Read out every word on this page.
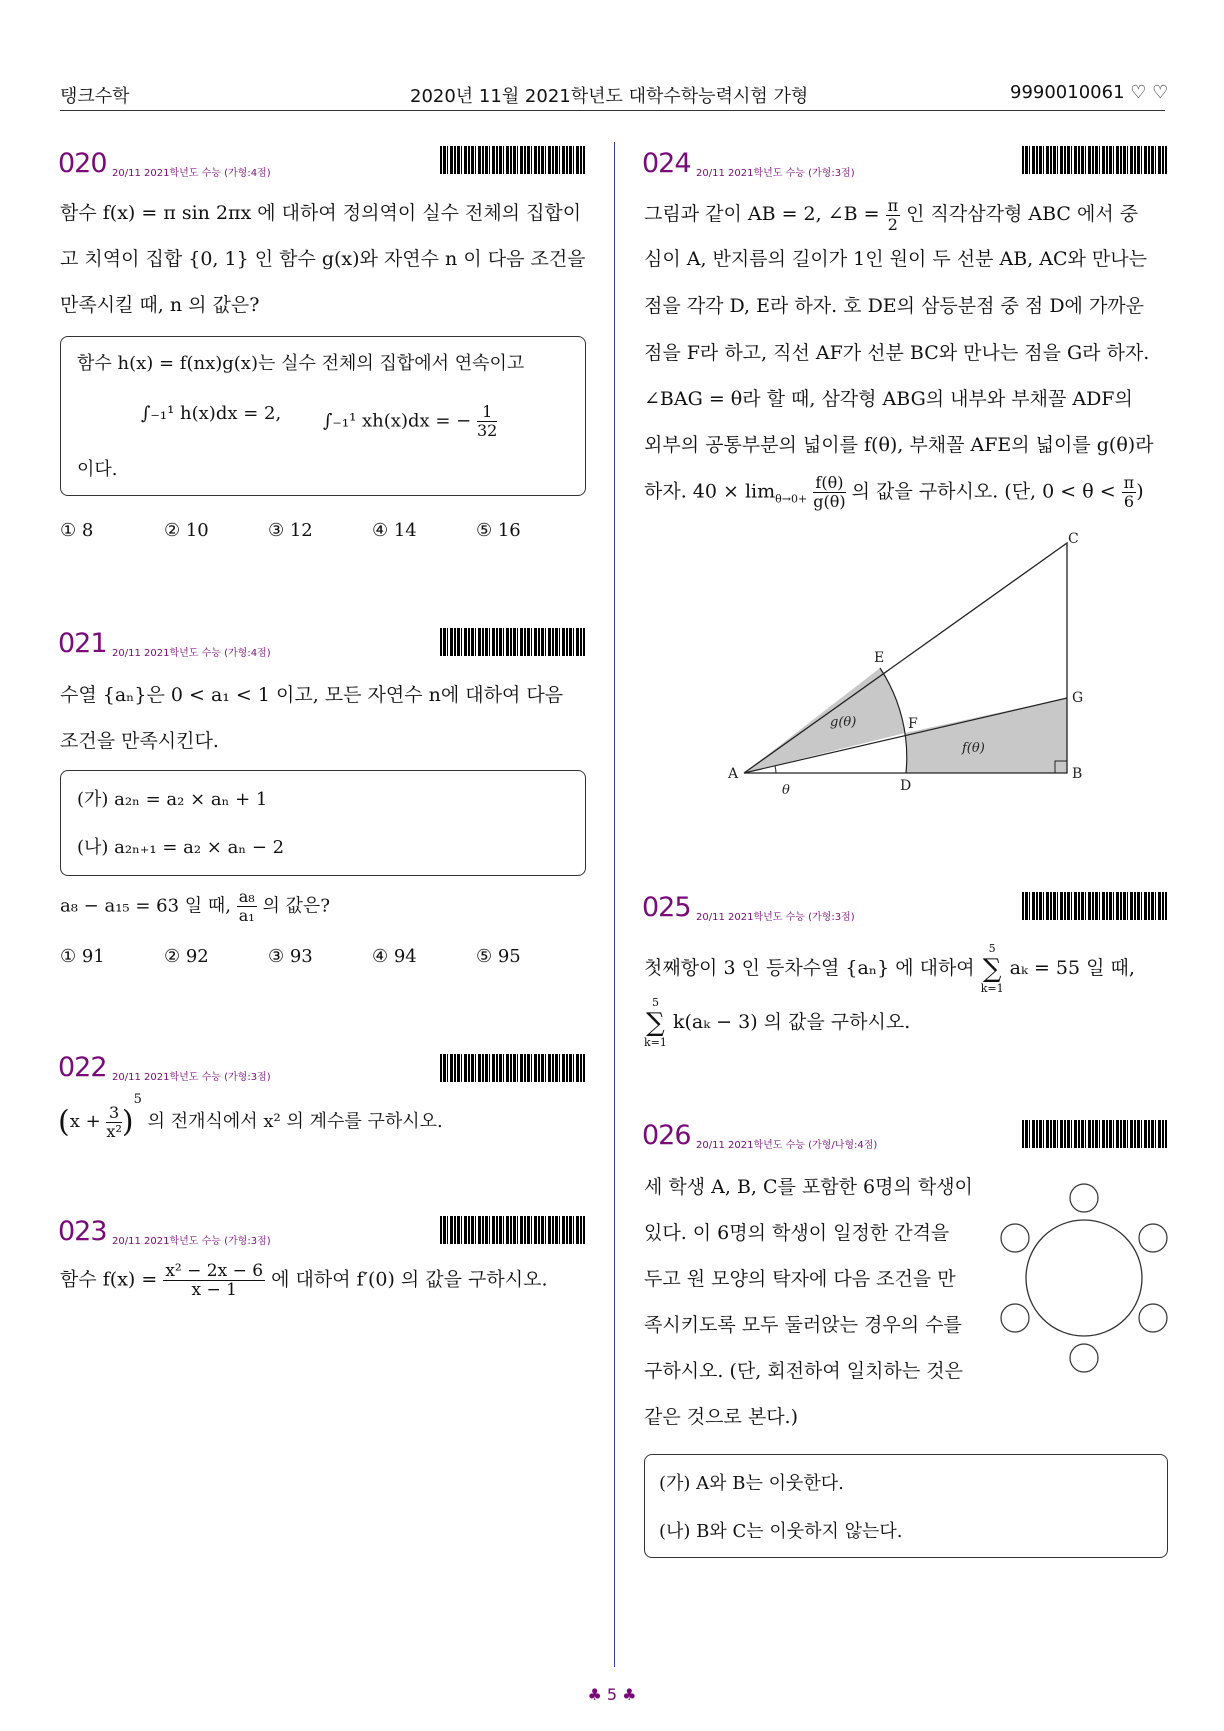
탱크수학	2020년 11월 2021학년도 대학수학능력시험 가형	9990010061 ♡ ♡
020 20/11 2021학년도 수능 (가형:4점)
함수 f(x) = π sin 2πx 에 대하여 정의역이 실수 전체의 집합이
고 치역이 집합 {0, 1} 인 함수 g(x)와 자연수 n 이 다음 조건을
만족시킬 때, n 의 값은?
함수 h(x) = f(nx)g(x)는 실수 전체의 집합에서 연속이고
∫₋₁¹ h(x)dx = 2, ∫₋₁¹ xh(x)dx = − $\frac{1}{32}$
이다.
① 8	② 10	③ 12	④ 14	⑤ 16
021 20/11 2021학년도 수능 (가형:4점)
수열 {aₙ}은 0 < a₁ < 1 이고, 모든 자연수 n에 대하여 다음
조건을 만족시킨다.
(가) a₂ₙ = a₂ × aₙ + 1
(나) a₂ₙ₊₁ = a₂ × aₙ − 2
a₈ − a₁₅ = 63 일 때, $\frac{\text{a₈}}{\text{a₁}}$ 의 값은?
① 91	② 92	③ 93	④ 94	⑤ 95
022 20/11 2021학년도 수능 (가형:3점)
$(x + \frac{3}{\text{x²}} )^5$ 의 전개식에서 x² 의 계수를 구하시오.
023 20/11 2021학년도 수능 (가형:3점)
함수 $f(x) = \frac{\text{x² − 2x − 6}}{x - 1}$ 에 대하여 f′(0) 의 값을 구하시오.
024 20/11 2021학년도 수능 (가형:3점)
그림과 같이 AB = 2, ∠B = $\frac{\pi}{2}$ 인 직각삼각형 ABC 에서 중
심이 A, 반지름의 길이가 1인 원이 두 선분 AB, AC와 만나는
점을 각각 D, E라 하자. 호 DE의 삼등분점 중 점 D에 가까운
점을 F라 하고, 직선 AF가 선분 BC와 만나는 점을 G라 하자.
∠BAG = θ라 할 때, 삼각형 ABG의 내부와 부채꼴 ADF의
외부의 공통부분의 넓이를 f(θ), 부채꼴 AFE의 넓이를 g(θ)라
하자. $40 \times \lim_{\theta\to 0+} \frac{f(\theta)}{g(\theta)}$ 의 값을 구하시오. (단, $0 < \theta < \frac{\pi}{6}$ )
A	B
C
D
E
F
G
g(θ)
f(θ)
θ
025 20/11 2021학년도 수능 (가형:3점)
첫째항이 3 인 등차수열 {aₙ} 에 대하여
5
∑
k=1
aₖ = 55 일 때,
5
∑
k=1
k(aₖ − 3) 의 값을 구하시오.
026 20/11 2021학년도 수능 (가형/나형:4점)
세 학생 A, B, C를 포함한 6명의 학생이
있다. 이 6명의 학생이 일정한 간격을
두고 원 모양의 탁자에 다음 조건을 만
족시키도록 모두 둘러앉는 경우의 수를
구하시오. (단, 회전하여 일치하는 것은
같은 것으로 본다.)
(가) A와 B는 이웃한다.
(나) B와 C는 이웃하지 않는다.
♣ 5 ♣
